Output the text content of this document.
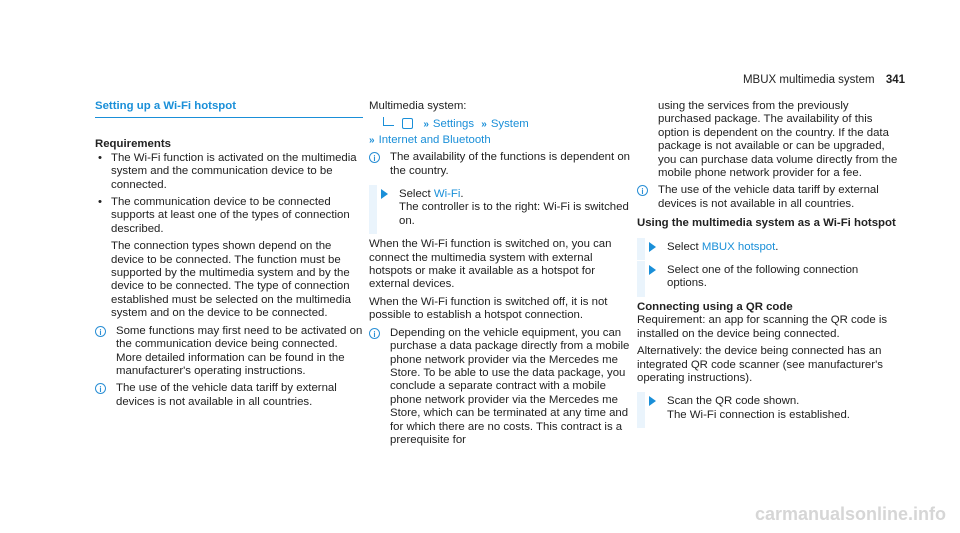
MBUX multimedia system 341
Setting up a Wi-Fi hotspot
Requirements
• The Wi-Fi function is activated on the multimedia system and the communication device to be connected.
• The communication device to be connected supports at least one of the types of connection described.
The connection types shown depend on the device to be connected. The function must be supported by the multimedia system and by the device to be connected. The type of connection established must be selected on the multimedia system and on the device to be connected.
i	Some functions may first need to be activated on the communication device being connected. More detailed information can be found in the manufacturer's operating instructions.
i	The use of the vehicle data tariff by external devices is not available in all countries.
Multimedia system:
» Settings » System
» Internet and Bluetooth
i	The availability of the functions is dependent on the country.
Select Wi-Fi.
The controller is to the right: Wi-Fi is switched on.
When the Wi-Fi function is switched on, you can connect the multimedia system with external hotspots or make it available as a hotspot for external devices.
When the Wi-Fi function is switched off, it is not possible to establish a hotspot connection.
i	Depending on the vehicle equipment, you can purchase a data package directly from a mobile phone network provider via the Mercedes me Store. To be able to use the data package, you conclude a separate contract with a mobile phone network provider via the Mercedes me Store, which can be terminated at any time and for which there are no costs. This contract is a prerequisite for
using the services from the previously purchased package. The availability of this option is dependent on the country. If the data package is not available or can be upgraded, you can purchase data volume directly from the mobile phone network provider for a fee.
i	The use of the vehicle data tariff by external devices is not available in all countries.
Using the multimedia system as a Wi-Fi hotspot
Select MBUX hotspot.
Select one of the following connection options.
Connecting using a QR code
Requirement: an app for scanning the QR code is installed on the device being connected.
Alternatively: the device being connected has an integrated QR code scanner (see manufacturer's operating instructions).
Scan the QR code shown.
The Wi-Fi connection is established.
carmanualsonline.info
